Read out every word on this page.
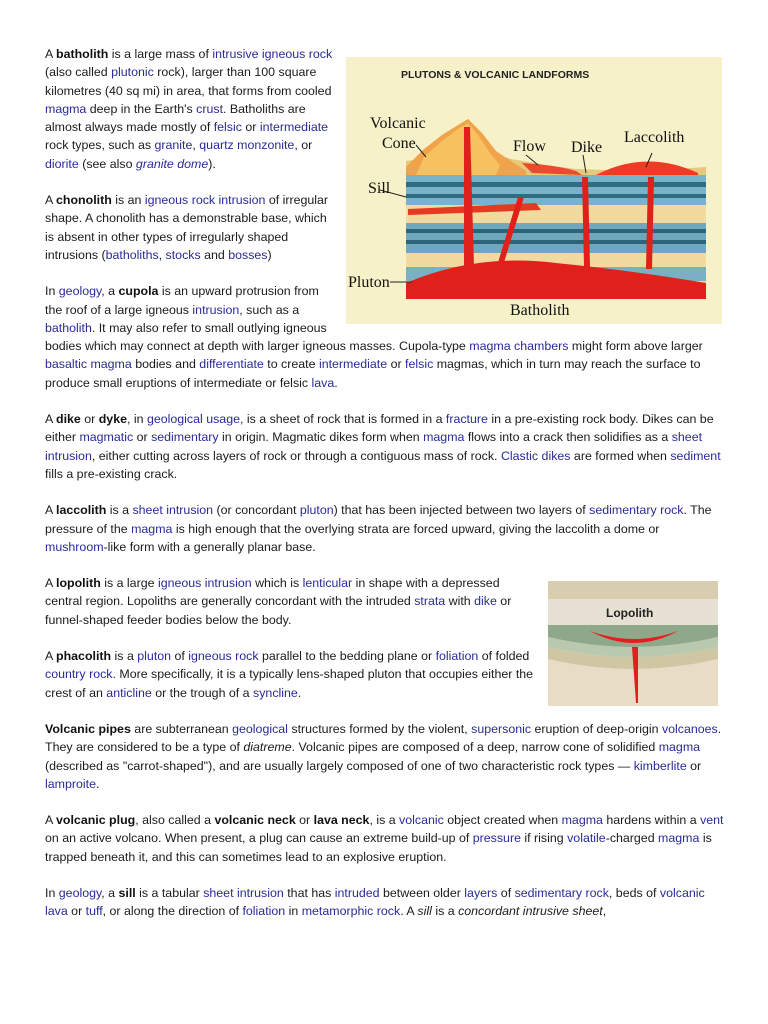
PLUTONS & VOLCANIC LANDFORMS
Volcanic
Cone	Flow Dike
Laccolith
Sill
Pluton
Batholith

A batholith is a large mass of intrusive igneous rock (also called plutonic rock), larger than 100 square kilometres (40 sq mi) in area, that forms from cooled magma deep in the Earth's crust. Batholiths are almost always made mostly of felsic or intermediate rock types, such as granite, quartz monzonite, or diorite (see also granite dome).

A chonolith is an igneous rock intrusion of irregular shape. A chonolith has a demonstrable base, which is absent in other types of irregularly shaped intrusions (batholiths, stocks and bosses)

In geology, a cupola is an upward protrusion from the roof of a large igneous intrusion, such as a batholith. It may also refer to small outlying igneous bodies which may connect at depth with larger igneous masses. Cupola-type magma chambers might form above larger basaltic magma bodies and differentiate to create intermediate or felsic magmas, which in turn may reach the surface to produce small eruptions of intermediate or felsic lava.

A dike or dyke, in geological usage, is a sheet of rock that is formed in a fracture in a pre-existing rock body. Dikes can be either magmatic or sedimentary in origin. Magmatic dikes form when magma flows into a crack then solidifies as a sheet intrusion, either cutting across layers of rock or through a contiguous mass of rock. Clastic dikes are formed when sediment fills a pre-existing crack.

A laccolith is a sheet intrusion (or concordant pluton) that has been injected between two layers of sedimentary rock. The pressure of the magma is high enough that the overlying strata are forced upward, giving the laccolith a dome or mushroom-like form with a generally planar base.

Lopolith

A lopolith is a large igneous intrusion which is lenticular in shape with a depressed central region. Lopoliths are generally concordant with the intruded strata with dike or funnel-shaped feeder bodies below the body.

A phacolith is a pluton of igneous rock parallel to the bedding plane or foliation of folded country rock. More specifically, it is a typically lens-shaped pluton that occupies either the crest of an anticline or the trough of a syncline.

Volcanic pipes are subterranean geological structures formed by the violent, supersonic eruption of deep-origin volcanoes. They are considered to be a type of diatreme. Volcanic pipes are composed of a deep, narrow cone of solidified magma (described as "carrot-shaped"), and are usually largely composed of one of two characteristic rock types — kimberlite or lamproite.

A volcanic plug, also called a volcanic neck or lava neck, is a volcanic object created when magma hardens within a vent on an active volcano. When present, a plug can cause an extreme build-up of pressure if rising volatile-charged magma is trapped beneath it, and this can sometimes lead to an explosive eruption.

In geology, a sill is a tabular sheet intrusion that has intruded between older layers of sedimentary rock, beds of volcanic lava or tuff, or along the direction of foliation in metamorphic rock. A sill is a concordant intrusive sheet,
